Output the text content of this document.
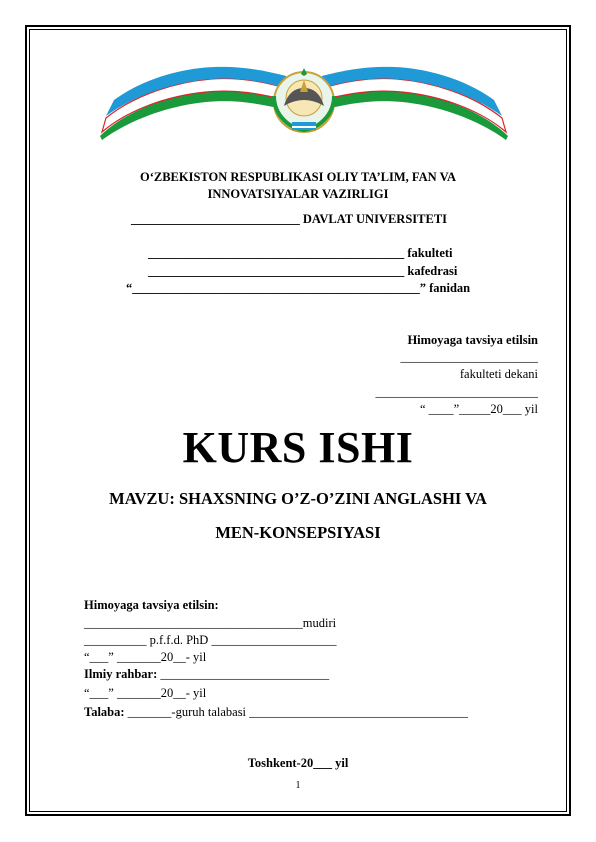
O‘ZBEKISTON RESPUBLIKASI OLIY TA’LIM, FAN VA
INNOVATSIYALAR VAZIRLIGI
___________________________ DAVLAT UNIVERSITETI
_________________________________________ fakulteti
_________________________________________ kafedrasi
“______________________________________________” fanidan
Himoyaga tavsiya etilsin
______________________
fakulteti dekani
__________________________
“ ____”_____20___ yil
KURS ISHI
MAVZU: SHAXSNING O’Z-O’ZINI ANGLASHI VA
MEN-KONSEPSIYASI
Himoyaga tavsiya etilsin:
___________________________________mudiri
__________ p.f.f.d. PhD ____________________
“___” _______20__- yil
Ilmiy rahbar: ___________________________
“___” _______20__- yil
Talaba: _______-guruh talabasi ___________________________________
Toshkent-20___ yil
1
